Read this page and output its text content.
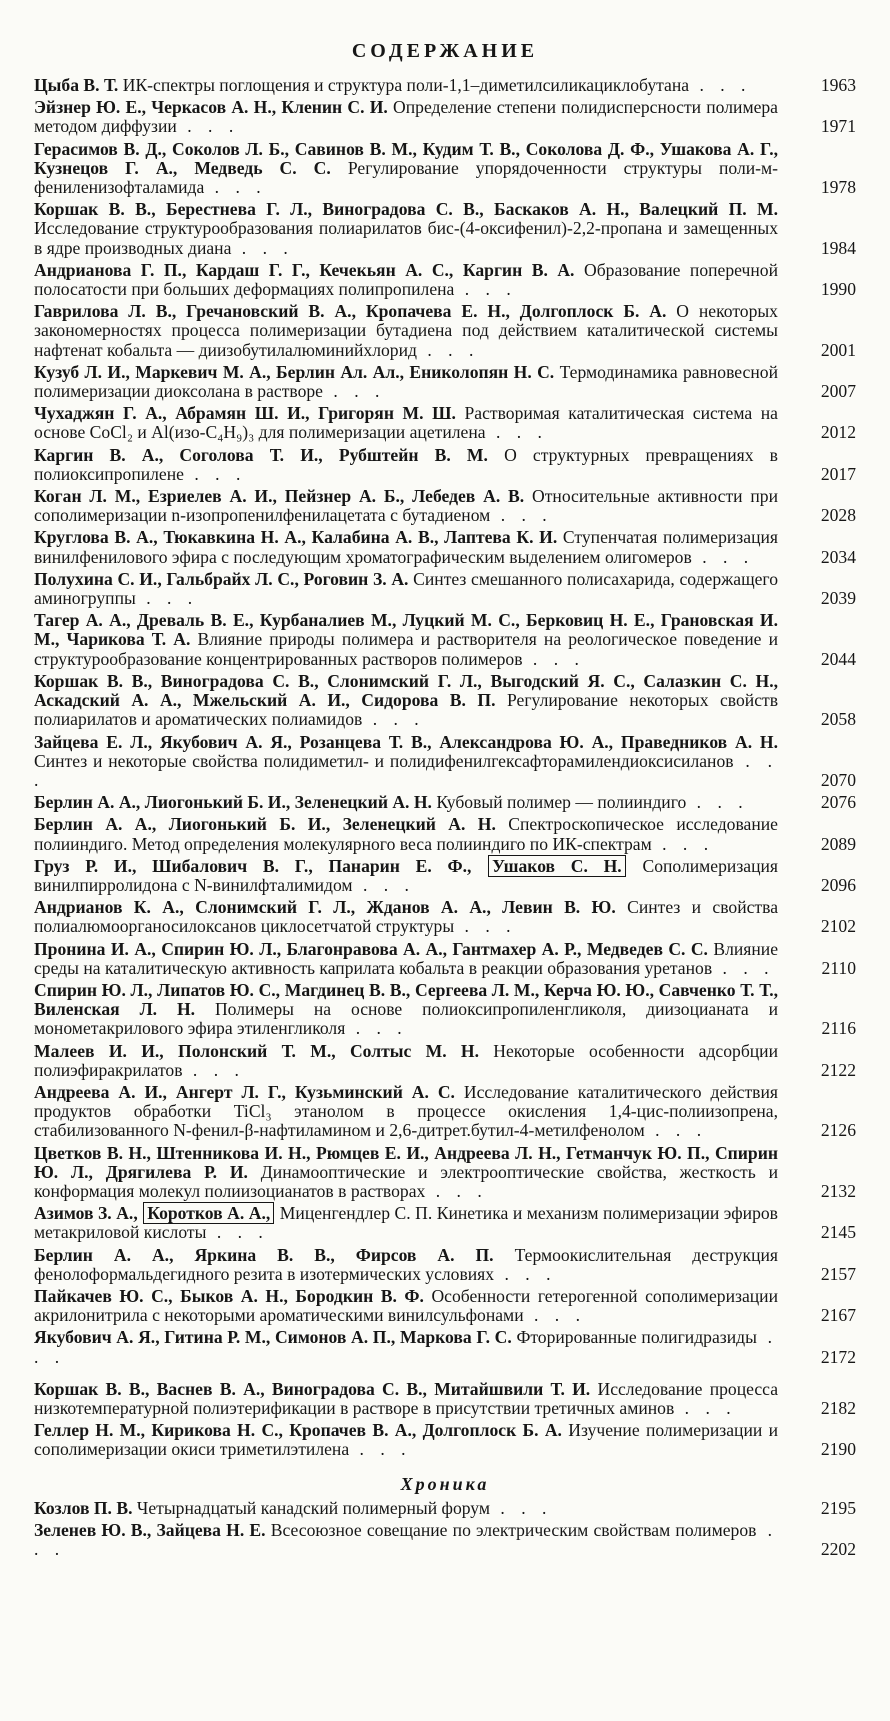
СОДЕРЖАНИЕ
Цыба В. Т. ИК-спектры поглощения и структура поли-1,1–диметилсиликациклобутана . . .	1963
Эйзнер Ю. Е., Черкасов А. Н., Кленин С. И. Определение степени полидисперсности полимера методом диффузии . . .	1971
Герасимов В. Д., Соколов Л. Б., Савинов В. М., Кудим Т. В., Соколова Д. Ф., Ушакова А. Г., Кузнецов Г. А., Медведь С. С. Регулирование упорядоченности структуры поли-м-фениленизофталамида . . .	1978
Коршак В. В., Берестнева Г. Л., Виноградова С. В., Баскаков А. Н., Валецкий П. М. Исследование структурообразования полиарилатов бис-(4-оксифенил)-2,2-пропана и замещенных в ядре производных диана . . .	1984
Андрианова Г. П., Кардаш Г. Г., Кечекьян А. С., Каргин В. А. Образование поперечной полосатости при больших деформациях полипропилена . . .	1990
Гаврилова Л. В., Гречановский В. А., Кропачева Е. Н., Долгоплоск Б. А. О некоторых закономерностях процесса полимеризации бутадиена под действием каталитической системы нафтенат кобальта — диизобутилалюминийхлорид . . .	2001
Кузуб Л. И., Маркевич М. А., Берлин Ал. Ал., Ениколопян Н. С. Термодинамика равновесной полимеризации диоксолана в растворе . . .	2007
Чухаджян Г. А., Абрамян Ш. И., Григорян М. Ш. Растворимая каталитическая система на основе CoCl₂ и Al(изо-C₄H₉)₃ для полимеризации ацетилена . . .	2012
Каргин В. А., Соголова Т. И., Рубштейн В. М. О структурных превращениях в полиоксипропилене . . .	2017
Коган Л. М., Езриелев А. И., Пейзнер А. Б., Лебедев А. В. Относительные активности при сополимеризации n-изопропенилфенилацетата с бутадиеном . . .	2028
Круглова В. А., Тюкавкина Н. А., Калабина А. В., Лаптева К. И. Ступенчатая полимеризация винилфенилового эфира с последующим хроматографическим выделением олигомеров . . .	2034
Полухина С. И., Гальбрайх Л. С., Роговин З. А. Синтез смешанного полисахарида, содержащего аминогруппы . . .	2039
Тагер А. А., Древаль В. Е., Курбаналиев М., Луцкий М. С., Берковиц Н. Е., Грановская И. М., Чарикова Т. А. Влияние природы полимера и растворителя на реологическое поведение и структурообразование концентрированных растворов полимеров . . .	2044
Коршак В. В., Виноградова С. В., Слонимский Г. Л., Выгодский Я. С., Салазкин С. Н., Аскадский А. А., Мжельский А. И., Сидорова В. П. Регулирование некоторых свойств полиарилатов и ароматических полиамидов . . .	2058
Зайцева Е. Л., Якубович А. Я., Розанцева Т. В., Александрова Ю. А., Праведников А. Н. Синтез и некоторые свойства полидиметил- и полидифенилгексафторамилендиоксисиланов . . .	2070
Берлин А. А., Лиогонький Б. И., Зеленецкий А. Н. Кубовый полимер — полииндиго . . .	2076
Берлин А. А., Лиогонький Б. И., Зеленецкий А. Н. Спектроскопическое исследование полииндиго. Метод определения молекулярного веса полииндиго по ИК-спектрам . . .	2089
Груз Р. И., Шибалович В. Г., Панарин Е. Ф., Ушаков С. Н. Сополимеризация винилпирролидона с N-винилфталимидом . . .	2096
Андрианов К. А., Слонимский Г. Л., Жданов А. А., Левин В. Ю. Синтез и свойства полиалюмоорганосилоксанов циклосетчатой структуры . . .	2102
Пронина И. А., Спирин Ю. Л., Благонравова А. А., Гантмахер А. Р., Медведев С. С. Влияние среды на каталитическую активность каприлата кобальта в реакции образования уретанов . . .	2110
Спирин Ю. Л., Липатов Ю. С., Магдинец В. В., Сергеева Л. М., Керча Ю. Ю., Савченко Т. Т., Виленская Л. Н. Полимеры на основе полиоксипропиленгликоля, диизоцианата и монометакрилового эфира этиленгликоля . . .	2116
Малеев И. И., Полонский Т. М., Солтыс М. Н. Некоторые особенности адсорбции полиэфиракрилатов . . .	2122
Андреева А. И., Ангерт Л. Г., Кузьминский А. С. Исследование каталитического действия продуктов обработки TiCl₃ этанолом в процессе окисления 1,4-цис-полиизопрена, стабилизованного N-фенил-β-нафтиламином и 2,6-дитрет.бутил-4-метилфенолом . . .	2126
Цветков В. Н., Штенникова И. Н., Рюмцев Е. И., Андреева Л. Н., Гетманчук Ю. П., Спирин Ю. Л., Дрягилева Р. И. Динамооптические и электрооптические свойства, жесткость и конформация молекул полиизоцианатов в растворах . . .	2132
Азимов З. А., Коротков А. А., Миценгендлер С. П. Кинетика и механизм полимеризации эфиров метакриловой кислоты . . .	2145
Берлин А. А., Яркина В. В., Фирсов А. П. Термоокислительная деструкция фенолоформальдегидного резита в изотермических условиях . . .	2157
Пайкачев Ю. С., Быков А. Н., Бородкин В. Ф. Особенности гетерогенной сополимеризации акрилонитрила с некоторыми ароматическими винилсульфонами . . .	2167
Якубович А. Я., Гитина Р. М., Симонов А. П., Маркова Г. С. Фторированные полигидразиды . . .	2172
Коршак В. В., Васнев В. А., Виноградова С. В., Митайшвили Т. И. Исследование процесса низкотемпературной полиэтерификации в растворе в присутствии третичных аминов . . .	2182
Геллер Н. М., Кирикова Н. С., Кропачев В. А., Долгоплоск Б. А. Изучение полимеризации и сополимеризации окиси триметилэтилена . . .	2190
Хроника
Козлов П. В. Четырнадцатый канадский полимерный форум . . .	2195
Зеленев Ю. В., Зайцева Н. Е. Всесоюзное совещание по электрическим свойствам полимеров . . .	2202
